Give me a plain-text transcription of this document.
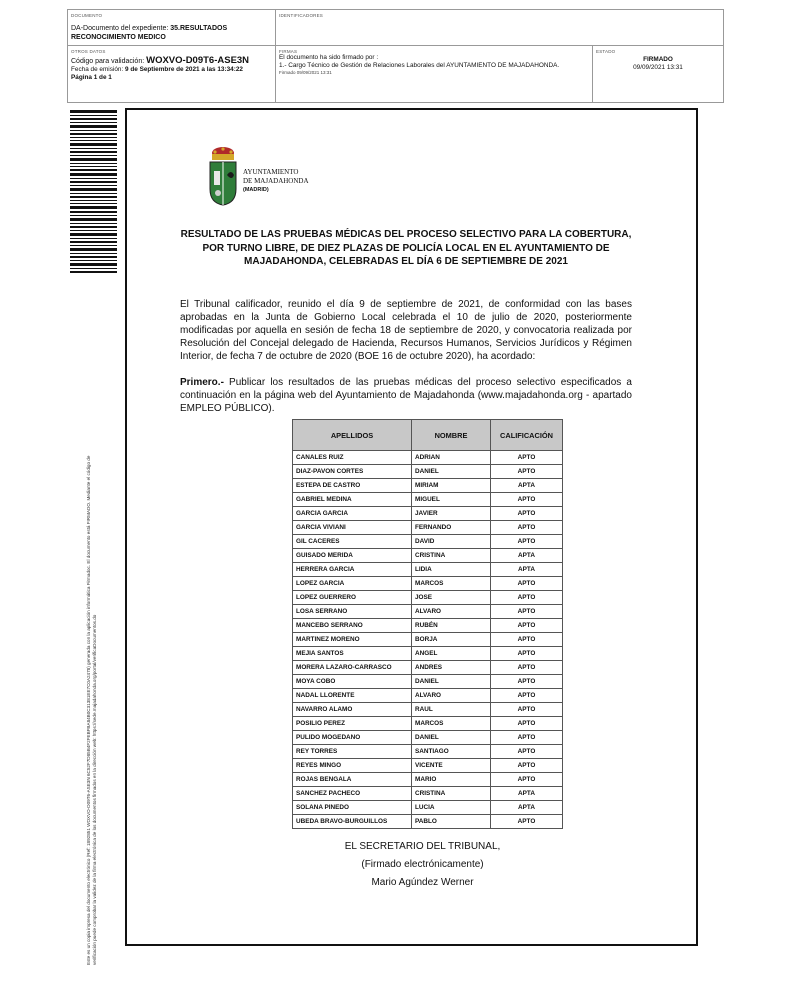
DOCUMENTO
DA-Documento del expediente: 35.RESULTADOS RECONOCIMIENTO MEDICO
IDENTIFICADORES
OTROS DATOS
Código para validación: WOXVO-D09T6-ASE3N
Fecha de emisión: 9 de Septiembre de 2021 a las 13:34:22
Página 1 de 1
FIRMAS
El documento ha sido firmado por :
1.- Cargo Técnico de Gestión de Relaciones Laborales del AYUNTAMIENTO DE MAJADAHONDA.
Firmado 09/09/2021 13:31
ESTADO
FIRMADO
09/09/2021 13:31
Este es un copia impresa del documento electrónico (Ref: 1892851 WOXVO-D09T6-ASE3N 6C52F7D85B4F2FEBFBA84B0C31381EE7C0A2478) generada con la aplicación informática Firmadoc. El documento está FIRMADO. Mediante el código de verificación puede comprobar la validez de la firma electrónica de los documentos firmados en la dirección web: https://sede.majadahonda.org/portal/verificaDocumentos.do
AYUNTAMIENTO
DE MAJADAHONDA
(MADRID)
RESULTADO DE LAS PRUEBAS MÉDICAS DEL PROCESO SELECTIVO PARA LA COBERTURA, POR TURNO LIBRE, DE DIEZ PLAZAS DE POLICÍA LOCAL EN EL AYUNTAMIENTO DE MAJADAHONDA, CELEBRADAS EL DÍA 6 DE SEPTIEMBRE DE 2021
El Tribunal calificador, reunido el día 9 de septiembre de 2021, de conformidad con las bases aprobadas en la Junta de Gobierno Local celebrada el 10 de julio de 2020, posteriormente modificadas por aquella en sesión de fecha 18 de septiembre de 2020, y convocatoria realizada por Resolución del Concejal delegado de Hacienda, Recursos Humanos, Servicios Jurídicos y Régimen Interior, de fecha 7 de octubre de 2020 (BOE 16 de octubre 2020), ha acordado:
Primero.- Publicar los resultados de las pruebas médicas del proceso selectivo especificados a continuación en la página web del Ayuntamiento de Majadahonda (www.majadahonda.org - apartado EMPLEO PÚBLICO).
APELLIDOS	NOMBRE	CALIFICACIÓN
CANALES RUIZ	ADRIAN	APTO
DIAZ-PAVON CORTES	DANIEL	APTO
ESTEPA DE CASTRO	MIRIAM	APTA
GABRIEL MEDINA	MIGUEL	APTO
GARCIA GARCIA	JAVIER	APTO
GARCIA VIVIANI	FERNANDO	APTO
GIL CACERES	DAVID	APTO
GUISADO MERIDA	CRISTINA	APTA
HERRERA GARCIA	LIDIA	APTA
LOPEZ GARCIA	MARCOS	APTO
LOPEZ GUERRERO	JOSE	APTO
LOSA SERRANO	ALVARO	APTO
MANCEBO SERRANO	RUBÉN	APTO
MARTINEZ MORENO	BORJA	APTO
MEJIA SANTOS	ANGEL	APTO
MORERA LAZARO-CARRASCO	ANDRES	APTO
MOYA COBO	DANIEL	APTO
NADAL LLORENTE	ALVARO	APTO
NAVARRO ALAMO	RAUL	APTO
POSILIO PEREZ	MARCOS	APTO
PULIDO MOGEDANO	DANIEL	APTO
REY TORRES	SANTIAGO	APTO
REYES MINGO	VICENTE	APTO
ROJAS BENGALA	MARIO	APTO
SANCHEZ PACHECO	CRISTINA	APTA
SOLANA PINEDO	LUCIA	APTA
UBEDA BRAVO-BURGUILLOS	PABLO	APTO
EL SECRETARIO DEL TRIBUNAL,
(Firmado electrónicamente)
Mario Agúndez Werner
